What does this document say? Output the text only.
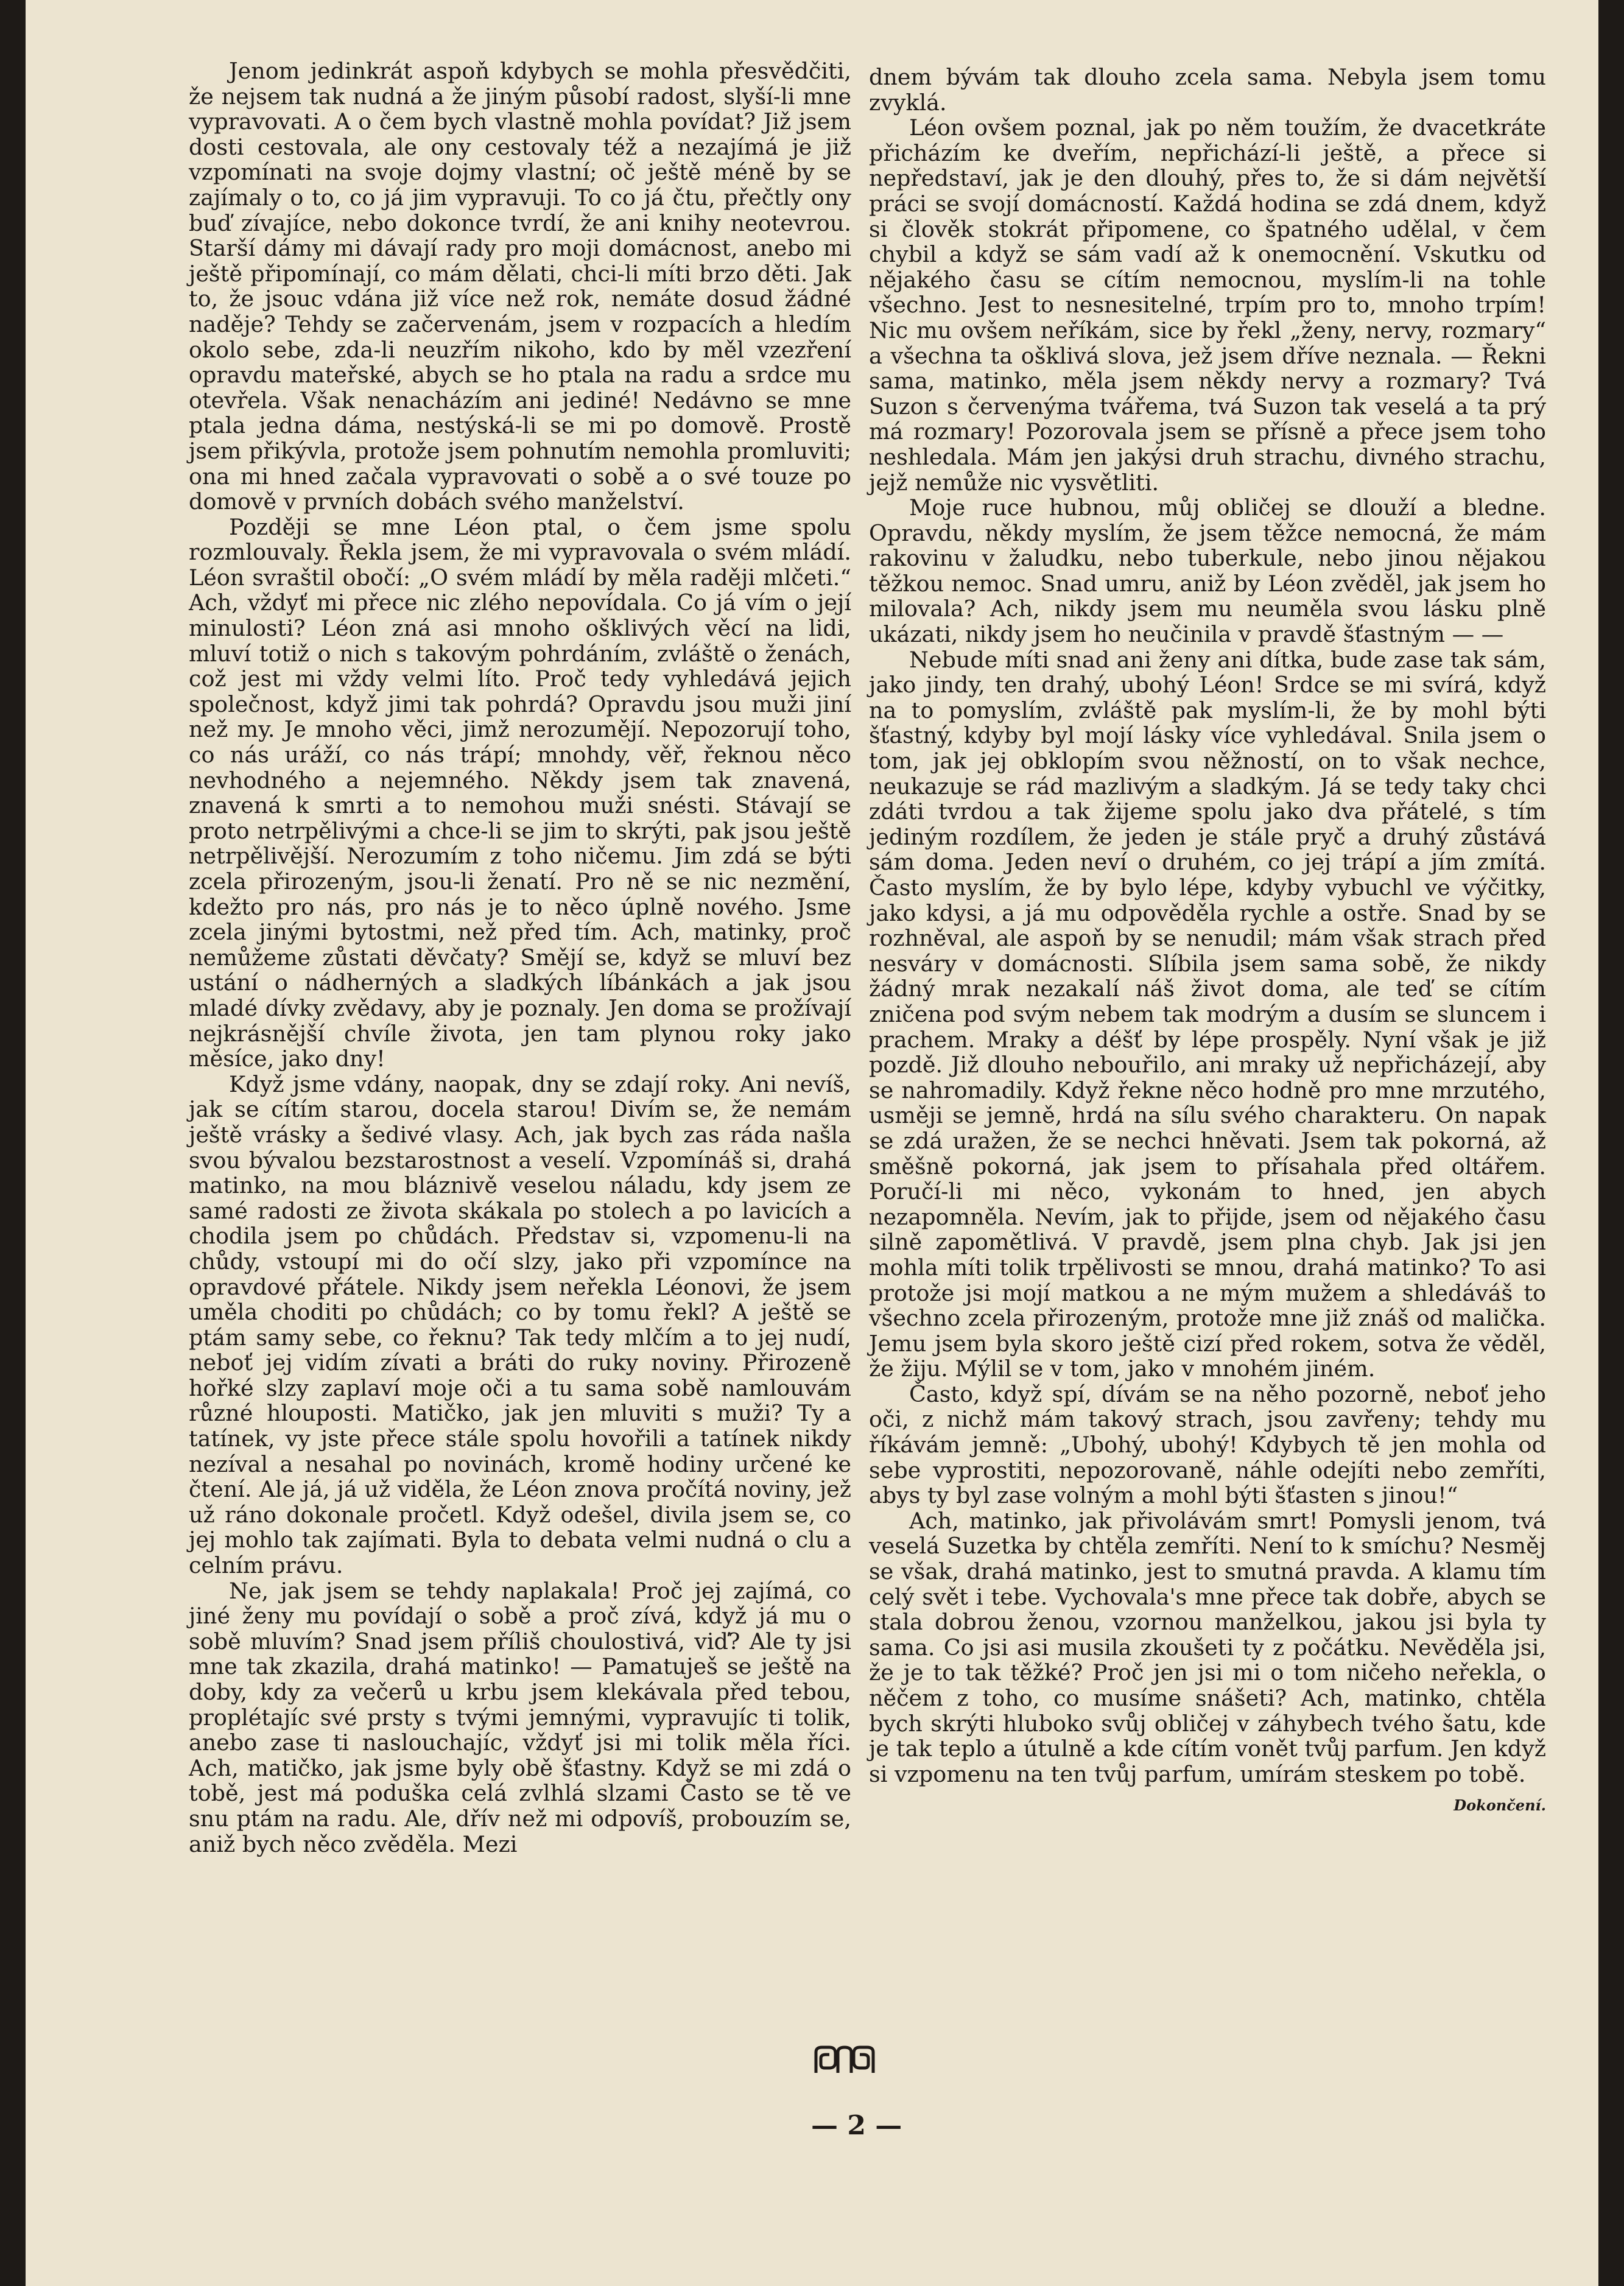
Jenom jedinkrát aspoň kdybych se mohla přesvědčiti, že nejsem tak nudná a že jiným působí radost, slyší-li mne vypravovati. A o čem bych vlastně mohla povídat? Již jsem dosti cestovala, ale ony cestovaly též a nezajímá je již vzpomínati na svoje dojmy vlastní; oč ještě méně by se zajímaly o to, co já jim vypravuji. To co já čtu, přečtly ony buď zívajíce, nebo dokonce tvrdí, že ani knihy neotevrou. Starší dámy mi dávají rady pro moji domácnost, anebo mi ještě připomínají, co mám dělati, chci-li míti brzo děti. Jak to, že jsouc vdána již více než rok, nemáte dosud žádné naděje? Tehdy se začervenám, jsem v rozpacích a hledím okolo sebe, zda-li neuzřím nikoho, kdo by měl vzezření opravdu mateřské, abych se ho ptala na radu a srdce mu otevřela. Však nenacházím ani jediné! Nedávno se mne ptala jedna dáma, nestýská-li se mi po domově. Prostě jsem přikývla, protože jsem pohnutím nemohla promluviti; ona mi hned začala vypravovati o sobě a o své touze po domově v prvních dobách svého manželství.

Později se mne Léon ptal, o čem jsme spolu rozmlouvaly. Řekla jsem, že mi vypravovala o svém mládí. Léon svraštil obočí: „O svém mládí by měla raději mlčeti.“ Ach, vždyť mi přece nic zlého nepovídala. Co já vím o její minulosti? Léon zná asi mnoho ošklivých věcí na lidi, mluví totiž o nich s takovým pohrdáním, zvláště o ženách, což jest mi vždy velmi líto. Proč tedy vyhledává jejich společnost, když jimi tak pohrdá? Opravdu jsou muži jiní než my. Je mnoho věci, jimž nerozumějí. Nepozorují toho, co nás uráží, co nás trápí; mnohdy, věř, řeknou něco nevhodného a nejemného. Někdy jsem tak znavená, znavená k smrti a to nemohou muži snésti. Stávají se proto netrpělivými a chce-li se jim to skrýti, pak jsou ještě netrpělivější. Nerozumím z toho ničemu. Jim zdá se býti zcela přirozeným, jsou-li ženatí. Pro ně se nic nezmění, kdežto pro nás, pro nás je to něco úplně nového. Jsme zcela jinými bytostmi, než před tím. Ach, matinky, proč nemůžeme zůstati děvčaty? Smějí se, když se mluví bez ustání o nádherných a sladkých líbánkách a jak jsou mladé dívky zvědavy, aby je poznaly. Jen doma se prožívají nejkrásnější chvíle života, jen tam plynou roky jako měsíce, jako dny!

Když jsme vdány, naopak, dny se zdají roky. Ani nevíš, jak se cítím starou, docela starou! Divím se, že nemám ještě vrásky a šedivé vlasy. Ach, jak bych zas ráda našla svou bývalou bezstarostnost a veselí. Vzpomínáš si, drahá matinko, na mou bláznivě veselou náladu, kdy jsem ze samé radosti ze života skákala po stolech a po lavicích a chodila jsem po chůdách. Představ si, vzpomenu-li na chůdy, vstoupí mi do očí slzy, jako při vzpomínce na opravdové přátele. Nikdy jsem neřekla Léonovi, že jsem uměla choditi po chůdách; co by tomu řekl? A ještě se ptám samy sebe, co řeknu? Tak tedy mlčím a to jej nudí, neboť jej vidím zívati a bráti do ruky noviny. Přirozeně hořké slzy zaplaví moje oči a tu sama sobě namlouvám různé hlouposti. Matičko, jak jen mluviti s muži? Ty a tatínek, vy jste přece stále spolu hovořili a tatínek nikdy nezíval a nesahal po novinách, kromě hodiny určené ke čtení. Ale já, já už viděla, že Léon znova pročítá noviny, jež už ráno dokonale pročetl. Když odešel, divila jsem se, co jej mohlo tak zajímati. Byla to debata velmi nudná o clu a celním právu.

Ne, jak jsem se tehdy naplakala! Proč jej zajímá, co jiné ženy mu povídají o sobě a proč zívá, když já mu o sobě mluvím? Snad jsem příliš choulostivá, viď? Ale ty jsi mne tak zkazila, drahá matinko! — Pamatuješ se ještě na doby, kdy za večerů u krbu jsem klekávala před tebou, proplétajíc své prsty s tvými jemnými, vypravujíc ti tolik, anebo zase ti naslouchajíc, vždyť jsi mi tolik měla říci. Ach, matičko, jak jsme byly obě šťastny. Když se mi zdá o tobě, jest má poduška celá zvlhlá slzami Často se tě ve snu ptám na radu. Ale, dřív než mi odpovíš, probouzím se, aniž bych něco zvěděla. Mezi

dnem bývám tak dlouho zcela sama. Nebyla jsem tomu zvyklá.

Léon ovšem poznal, jak po něm toužím, že dvacetkráte přicházím ke dveřím, nepřichází-li ještě, a přece si nepředstaví, jak je den dlouhý, přes to, že si dám největší práci se svojí domácností. Každá hodina se zdá dnem, když si člověk stokrát připomene, co špatného udělal, v čem chybil a když se sám vadí až k onemocnění. Vskutku od nějakého času se cítím nemocnou, myslím-li na tohle všechno. Jest to nesnesitelné, trpím pro to, mnoho trpím! Nic mu ovšem neříkám, sice by řekl „ženy, nervy, rozmary“ a všechna ta ošklivá slova, jež jsem dříve neznala. — Řekni sama, matinko, měla jsem někdy nervy a rozmary? Tvá Suzon s červenýma tvářema, tvá Suzon tak veselá a ta prý má rozmary! Pozorovala jsem se přísně a přece jsem toho neshledala. Mám jen jakýsi druh strachu, divného strachu, jejž nemůže nic vysvětliti.

Moje ruce hubnou, můj obličej se dlouží a bledne. Opravdu, někdy myslím, že jsem těžce nemocná, že mám rakovinu v žaludku, nebo tuberkule, nebo jinou nějakou těžkou nemoc. Snad umru, aniž by Léon zvěděl, jak jsem ho milovala? Ach, nikdy jsem mu neuměla svou lásku plně ukázati, nikdy jsem ho neučinila v pravdě šťastným — —

Nebude míti snad ani ženy ani dítka, bude zase tak sám, jako jindy, ten drahý, ubohý Léon! Srdce se mi svírá, když na to pomyslím, zvláště pak myslím-li, že by mohl býti šťastný, kdyby byl mojí lásky více vyhledával. Snila jsem o tom, jak jej obklopím svou něžností, on to však nechce, neukazuje se rád mazlivým a sladkým. Já se tedy taky chci zdáti tvrdou a tak žijeme spolu jako dva přátelé, s tím jediným rozdílem, že jeden je stále pryč a druhý zůstává sám doma. Jeden neví o druhém, co jej trápí a jím zmítá. Často myslím, že by bylo lépe, kdyby vybuchl ve výčitky, jako kdysi, a já mu odpověděla rychle a ostře. Snad by se rozhněval, ale aspoň by se nenudil; mám však strach před nesváry v domácnosti. Slíbila jsem sama sobě, že nikdy žádný mrak nezakalí náš život doma, ale teď se cítím zničena pod svým nebem tak modrým a dusím se sluncem i prachem. Mraky a déšť by lépe prospěly. Nyní však je již pozdě. Již dlouho nebouřilo, ani mraky už nepřicházejí, aby se nahromadily. Když řekne něco hodně pro mne mrzutého, usměji se jemně, hrdá na sílu svého charakteru. On napak se zdá uražen, že se nechci hněvati. Jsem tak pokorná, až směšně pokorná, jak jsem to přísahala před oltářem. Poručí-li mi něco, vykonám to hned, jen abych nezapomněla. Nevím, jak to přijde, jsem od nějakého času silně zapomětlivá. V pravdě, jsem plna chyb. Jak jsi jen mohla míti tolik trpělivosti se mnou, drahá matinko? To asi protože jsi mojí matkou a ne mým mužem a shledáváš to všechno zcela přirozeným, protože mne již znáš od malička. Jemu jsem byla skoro ještě cizí před rokem, sotva že věděl, že žiju. Mýlil se v tom, jako v mnohém jiném.

Často, když spí, dívám se na něho pozorně, neboť jeho oči, z nichž mám takový strach, jsou zavřeny; tehdy mu říkávám jemně: „Ubohý, ubohý! Kdybych tě jen mohla od sebe vyprostiti, nepozorovaně, náhle odejíti nebo zemříti, abys ty byl zase volným a mohl býti šťasten s jinou!“

Ach, matinko, jak přivolávám smrt! Pomysli jenom, tvá veselá Suzetka by chtěla zemříti. Není to k smíchu? Nesměj se však, drahá matinko, jest to smutná pravda. A klamu tím celý svět i tebe. Vychovala's mne přece tak dobře, abych se stala dobrou ženou, vzornou manželkou, jakou jsi byla ty sama. Co jsi asi musila zkoušeti ty z počátku. Nevěděla jsi, že je to tak těžké? Proč jen jsi mi o tom ničeho neřekla, o něčem z toho, co musíme snášeti? Ach, matinko, chtěla bych skrýti hluboko svůj obličej v záhybech tvého šatu, kde je tak teplo a útulně a kde cítím vonět tvůj parfum. Jen když si vzpomenu na ten tvůj parfum, umírám steskem po tobě.
Dokončení.

— 2 —
